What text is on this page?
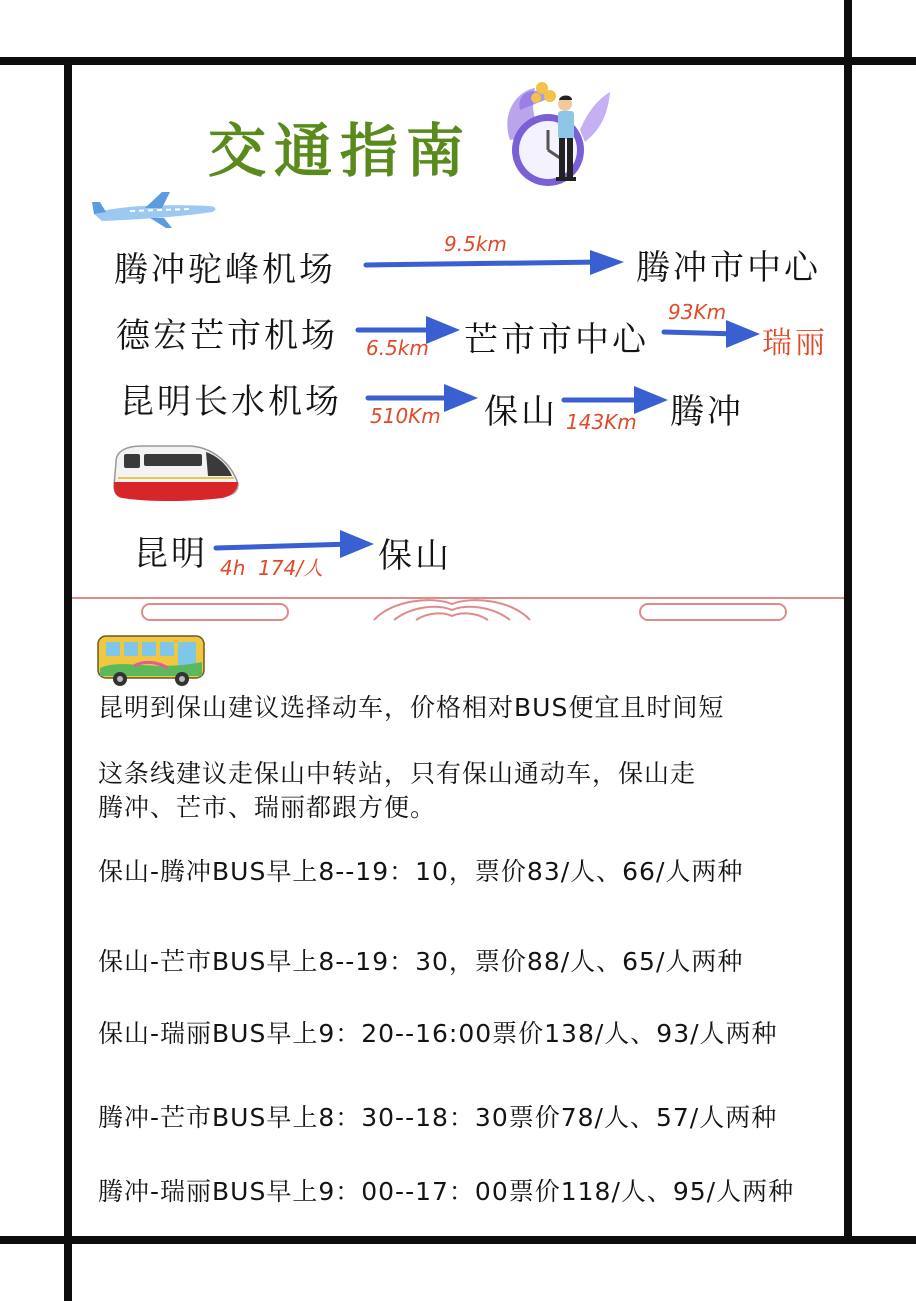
交通指南
腾冲驼峰机场
9.5km
腾冲市中心
德宏芒市机场 6.5km 芒市市中心
93Km
瑞丽
昆明长水机场 510Km 保山 143Km 腾冲
昆明 4h  174/人 保山
昆明到保山建议选择动车，价格相对BUS便宜且时间短
这条线建议走保山中转站，只有保山通动车，保山走
腾冲、芒市、瑞丽都跟方便。
保山-腾冲BUS早上8--19：10，票价83/人、66/人两种
保山-芒市BUS早上8--19：30，票价88/人、65/人两种
保山-瑞丽BUS早上9：20--16:00票价138/人、93/人两种
腾冲-芒市BUS早上8：30--18：30票价78/人、57/人两种
腾冲-瑞丽BUS早上9：00--17：00票价118/人、95/人两种
